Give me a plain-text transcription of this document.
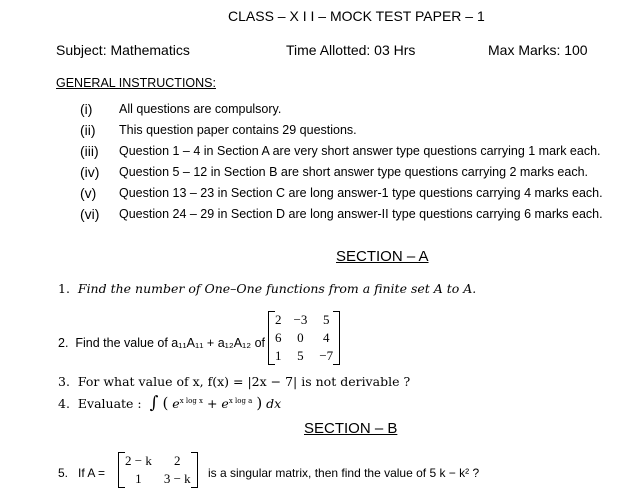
CLASS – X I I – MOCK TEST PAPER – 1
Subject: Mathematics	Time Allotted: 03 Hrs	Max Marks: 100
GENERAL INSTRUCTIONS:
(i) All questions are compulsory.
(ii) This question paper contains 29 questions.
(iii) Question 1 – 4 in Section A are very short answer type questions carrying 1 mark each.
(iv) Question 5 – 12 in Section B are short answer type questions carrying 2 marks each.
(v) Question 13 – 23 in Section C are long answer-1 type questions carrying 4 marks each.
(vi) Question 24 – 29 in Section D are long answer-II type questions carrying 6 marks each.
SECTION – A
1. Find the number of One–One functions from a finite set A to A.
2. Find the value of a₁₁A₁₁ + a₁₂A₁₂ of
2	−3	5
6	0	4
1	5	−7
3. For what value of x, f(x) = |2x − 7| is not derivable ?
4. Evaluate : ∫ ( $e^{x log x} + e^{x log a}$ ) dx
SECTION – B
5. If A =
2 − k	2
1	3 − k is a singular matrix, then find the value of 5 k − k² ?
